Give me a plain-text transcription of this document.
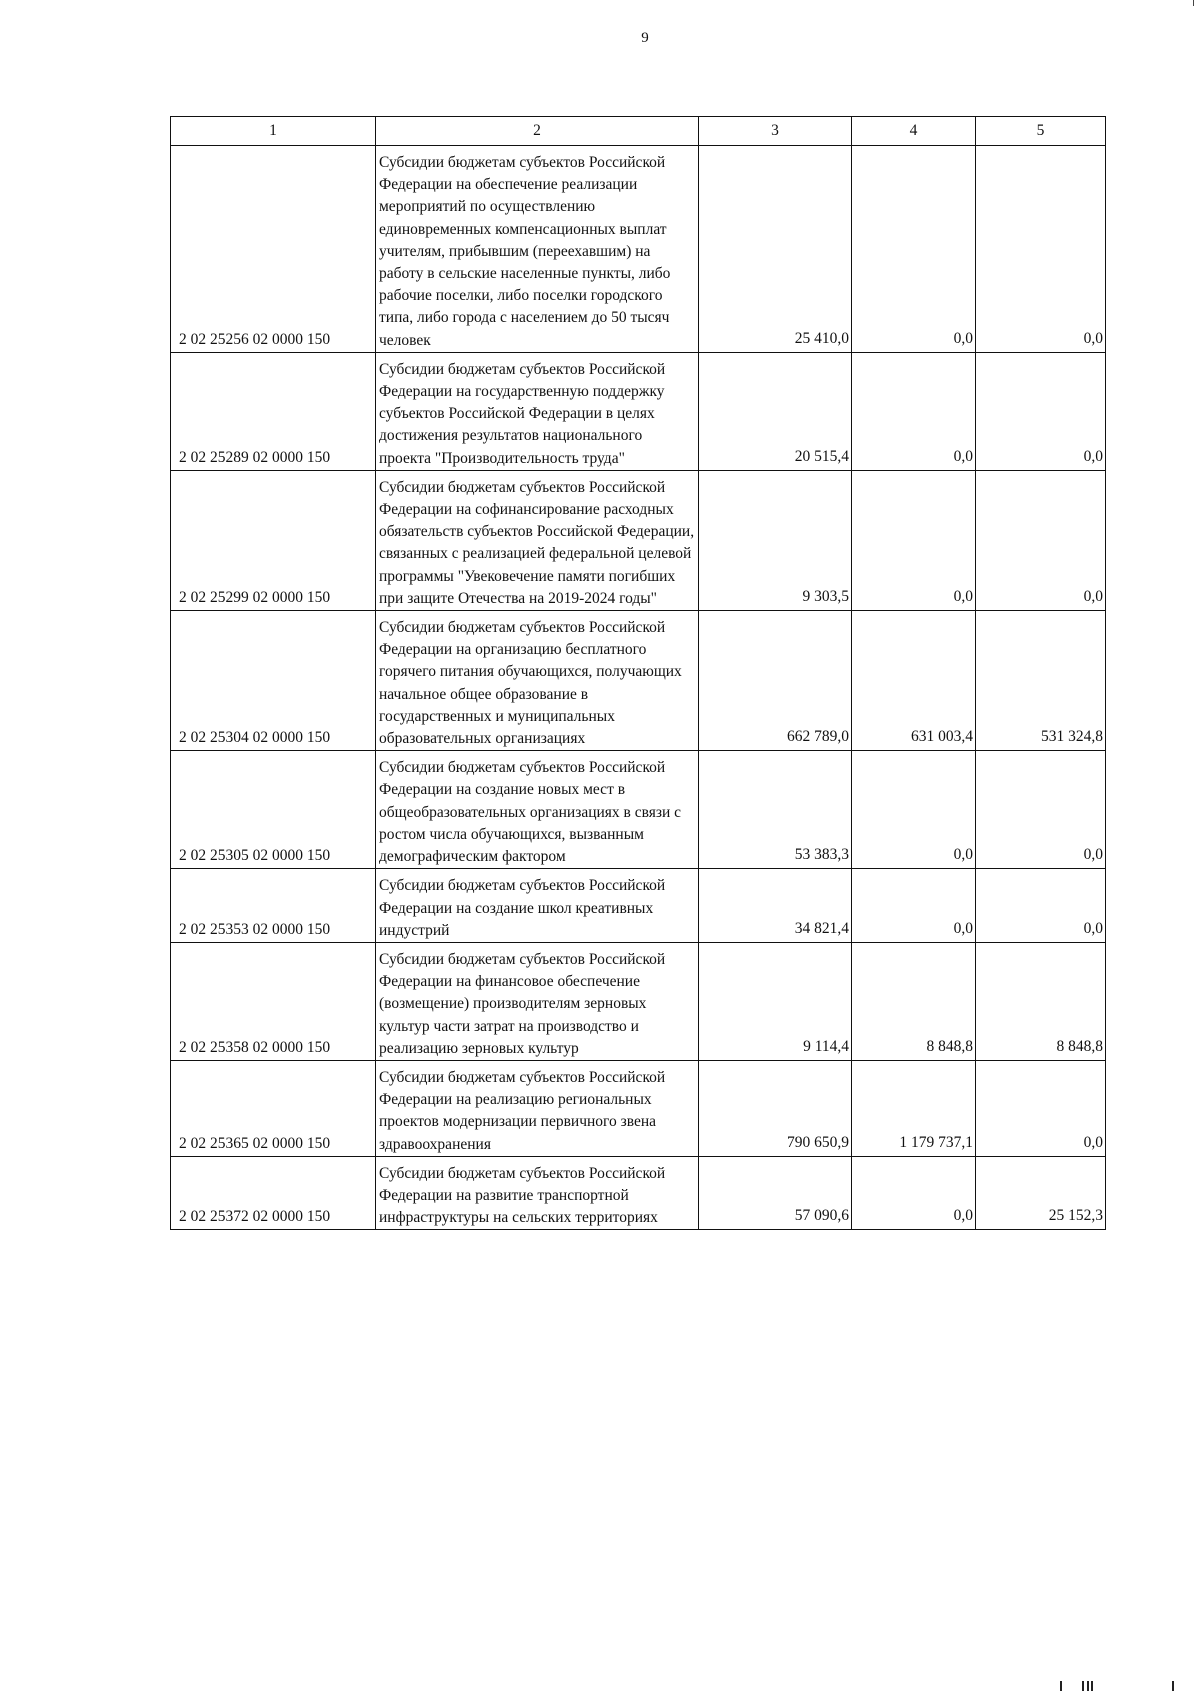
9
1	2	3	4	5
2 02 25256 02 0000 150	Субсидии бюджетам субъектов Российской Федерации на обеспечение реализации мероприятий по осуществлению единовременных компенсационных выплат учителям, прибывшим (переехавшим) на работу в сельские населенные пункты, либо рабочие поселки, либо поселки городского типа, либо города с населением до 50 тысяч человек	25 410,0	0,0	0,0
2 02 25289 02 0000 150	Субсидии бюджетам субъектов Российской Федерации на государственную поддержку субъектов Российской Федерации в целях достижения результатов национального проекта "Производительность труда"	20 515,4	0,0	0,0
2 02 25299 02 0000 150	Субсидии бюджетам субъектов Российской Федерации на софинансирование расходных обязательств субъектов Российской Федерации, связанных с реализацией федеральной целевой программы "Увековечение памяти погибших при защите Отечества на 2019-2024 годы"	9 303,5	0,0	0,0
2 02 25304 02 0000 150	Субсидии бюджетам субъектов Российской Федерации на организацию бесплатного горячего питания обучающихся, получающих начальное общее образование в государственных и муниципальных образовательных организациях	662 789,0	631 003,4	531 324,8
2 02 25305 02 0000 150	Субсидии бюджетам субъектов Российской Федерации на создание новых мест в общеобразовательных организациях в связи с ростом числа обучающихся, вызванным демографическим фактором	53 383,3	0,0	0,0
2 02 25353 02 0000 150	Субсидии бюджетам субъектов Российской Федерации на создание школ креативных индустрий	34 821,4	0,0	0,0
2 02 25358 02 0000 150	Субсидии бюджетам субъектов Российской Федерации на финансовое обеспечение (возмещение) производителям зерновых культур части затрат на производство и реализацию зерновых культур	9 114,4	8 848,8	8 848,8
2 02 25365 02 0000 150	Субсидии бюджетам субъектов Российской Федерации на реализацию региональных проектов модернизации первичного звена здравоохранения	790 650,9	1 179 737,1	0,0
2 02 25372 02 0000 150	Субсидии бюджетам субъектов Российской Федерации на развитие транспортной инфраструктуры на сельских территориях	57 090,6	0,0	25 152,3
